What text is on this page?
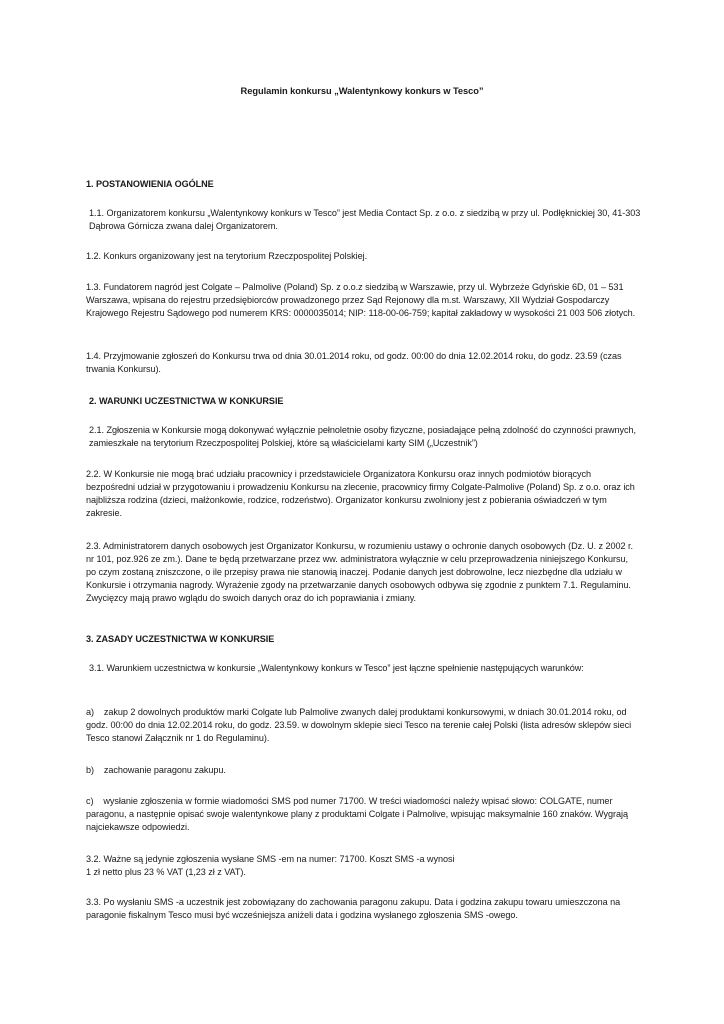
Regulamin konkursu „Walentynkowy konkurs w Tesco”
1. POSTANOWIENIA OGÓLNE

1.1. Organizatorem konkursu „Walentynkowy konkurs w Tesco” jest Media Contact Sp. z o.o. z siedzibą w przy ul. Podłęknickiej 30, 41-303 Dąbrowa Górnicza zwana dalej Organizatorem.

1.2. Konkurs organizowany jest na terytorium Rzeczpospolitej Polskiej.

1.3. Fundatorem nagród jest Colgate – Palmolive (Poland) Sp. z o.o.z siedzibą w Warszawie, przy ul. Wybrzeże Gdyńskie 6D, 01 – 531 Warszawa, wpisana do rejestru przedsiębiorców prowadzonego przez Sąd Rejonowy dla m.st. Warszawy, XII Wydział Gospodarczy Krajowego Rejestru Sądowego pod numerem KRS: 0000035014; NIP: 118-00-06-759; kapitał zakładowy w wysokości 21 003 506 złotych.

1.4. Przyjmowanie zgłoszeń do Konkursu trwa od dnia 30.01.2014 roku, od godz. 00:00 do dnia 12.02.2014 roku, do godz. 23.59 (czas trwania Konkursu).

2. WARUNKI UCZESTNICTWA W KONKURSIE

2.1. Zgłoszenia w Konkursie mogą dokonywać wyłącznie pełnoletnie osoby fizyczne, posiadające pełną zdolność do czynności prawnych, zamieszkałe na terytorium Rzeczpospolitej Polskiej, które są właścicielami karty SIM („Uczestnik”)

2.2. W Konkursie nie mogą brać udziału pracownicy i przedstawiciele Organizatora Konkursu oraz innych podmiotów biorących bezpośredni udział w przygotowaniu i prowadzeniu Konkursu na zlecenie, pracownicy firmy Colgate-Palmolive (Poland) Sp. z o.o. oraz ich najbliższa rodzina (dzieci, małżonkowie, rodzice, rodzeństwo). Organizator konkursu zwolniony jest z pobierania oświadczeń w tym zakresie.

2.3. Administratorem danych osobowych jest Organizator Konkursu, w rozumieniu ustawy o ochronie danych osobowych (Dz. U. z 2002 r. nr 101, poz.926 ze zm.). Dane te będą przetwarzane przez ww. administratora wyłącznie w celu przeprowadzenia niniejszego Konkursu, po czym zostaną zniszczone, o ile przepisy prawa nie stanowią inaczej. Podanie danych jest dobrowolne, lecz niezbędne dla udziału w Konkursie i otrzymania nagrody. Wyrażenie zgody na przetwarzanie danych osobowych odbywa się zgodnie z punktem 7.1. Regulaminu. Zwycięzcy mają prawo wglądu do swoich danych oraz do ich poprawiania i zmiany.

3. ZASADY UCZESTNICTWA W KONKURSIE

3.1. Warunkiem uczestnictwa w konkursie „Walentynkowy konkurs w Tesco” jest łączne spełnienie następujących warunków:

a)    zakup 2 dowolnych produktów marki Colgate lub Palmolive zwanych dalej produktami konkursowymi, w dniach 30.01.2014 roku, od godz. 00:00 do dnia 12.02.2014 roku, do godz. 23.59. w dowolnym sklepie sieci Tesco na terenie całej Polski (lista adresów sklepów sieci Tesco stanowi Załącznik nr 1 do Regulaminu).

b)    zachowanie paragonu zakupu.

c)    wysłanie zgłoszenia w formie wiadomości SMS pod numer 71700. W treści wiadomości należy wpisać słowo: COLGATE, numer paragonu, a następnie opisać swoje walentynkowe plany z produktami Colgate i Palmolive, wpisując maksymalnie 160 znaków. Wygrają najciekawsze odpowiedzi.

3.2. Ważne są jedynie zgłoszenia wysłane SMS -em na numer: 71700. Koszt SMS -a wynosi
1 zł netto plus 23 % VAT (1,23 zł z VAT).

3.3. Po wysłaniu SMS -a uczestnik jest zobowiązany do zachowania paragonu zakupu. Data i godzina zakupu towaru umieszczona na paragonie fiskalnym Tesco musi być wcześniejsza aniżeli data i godzina wysłanego zgłoszenia SMS -owego.
